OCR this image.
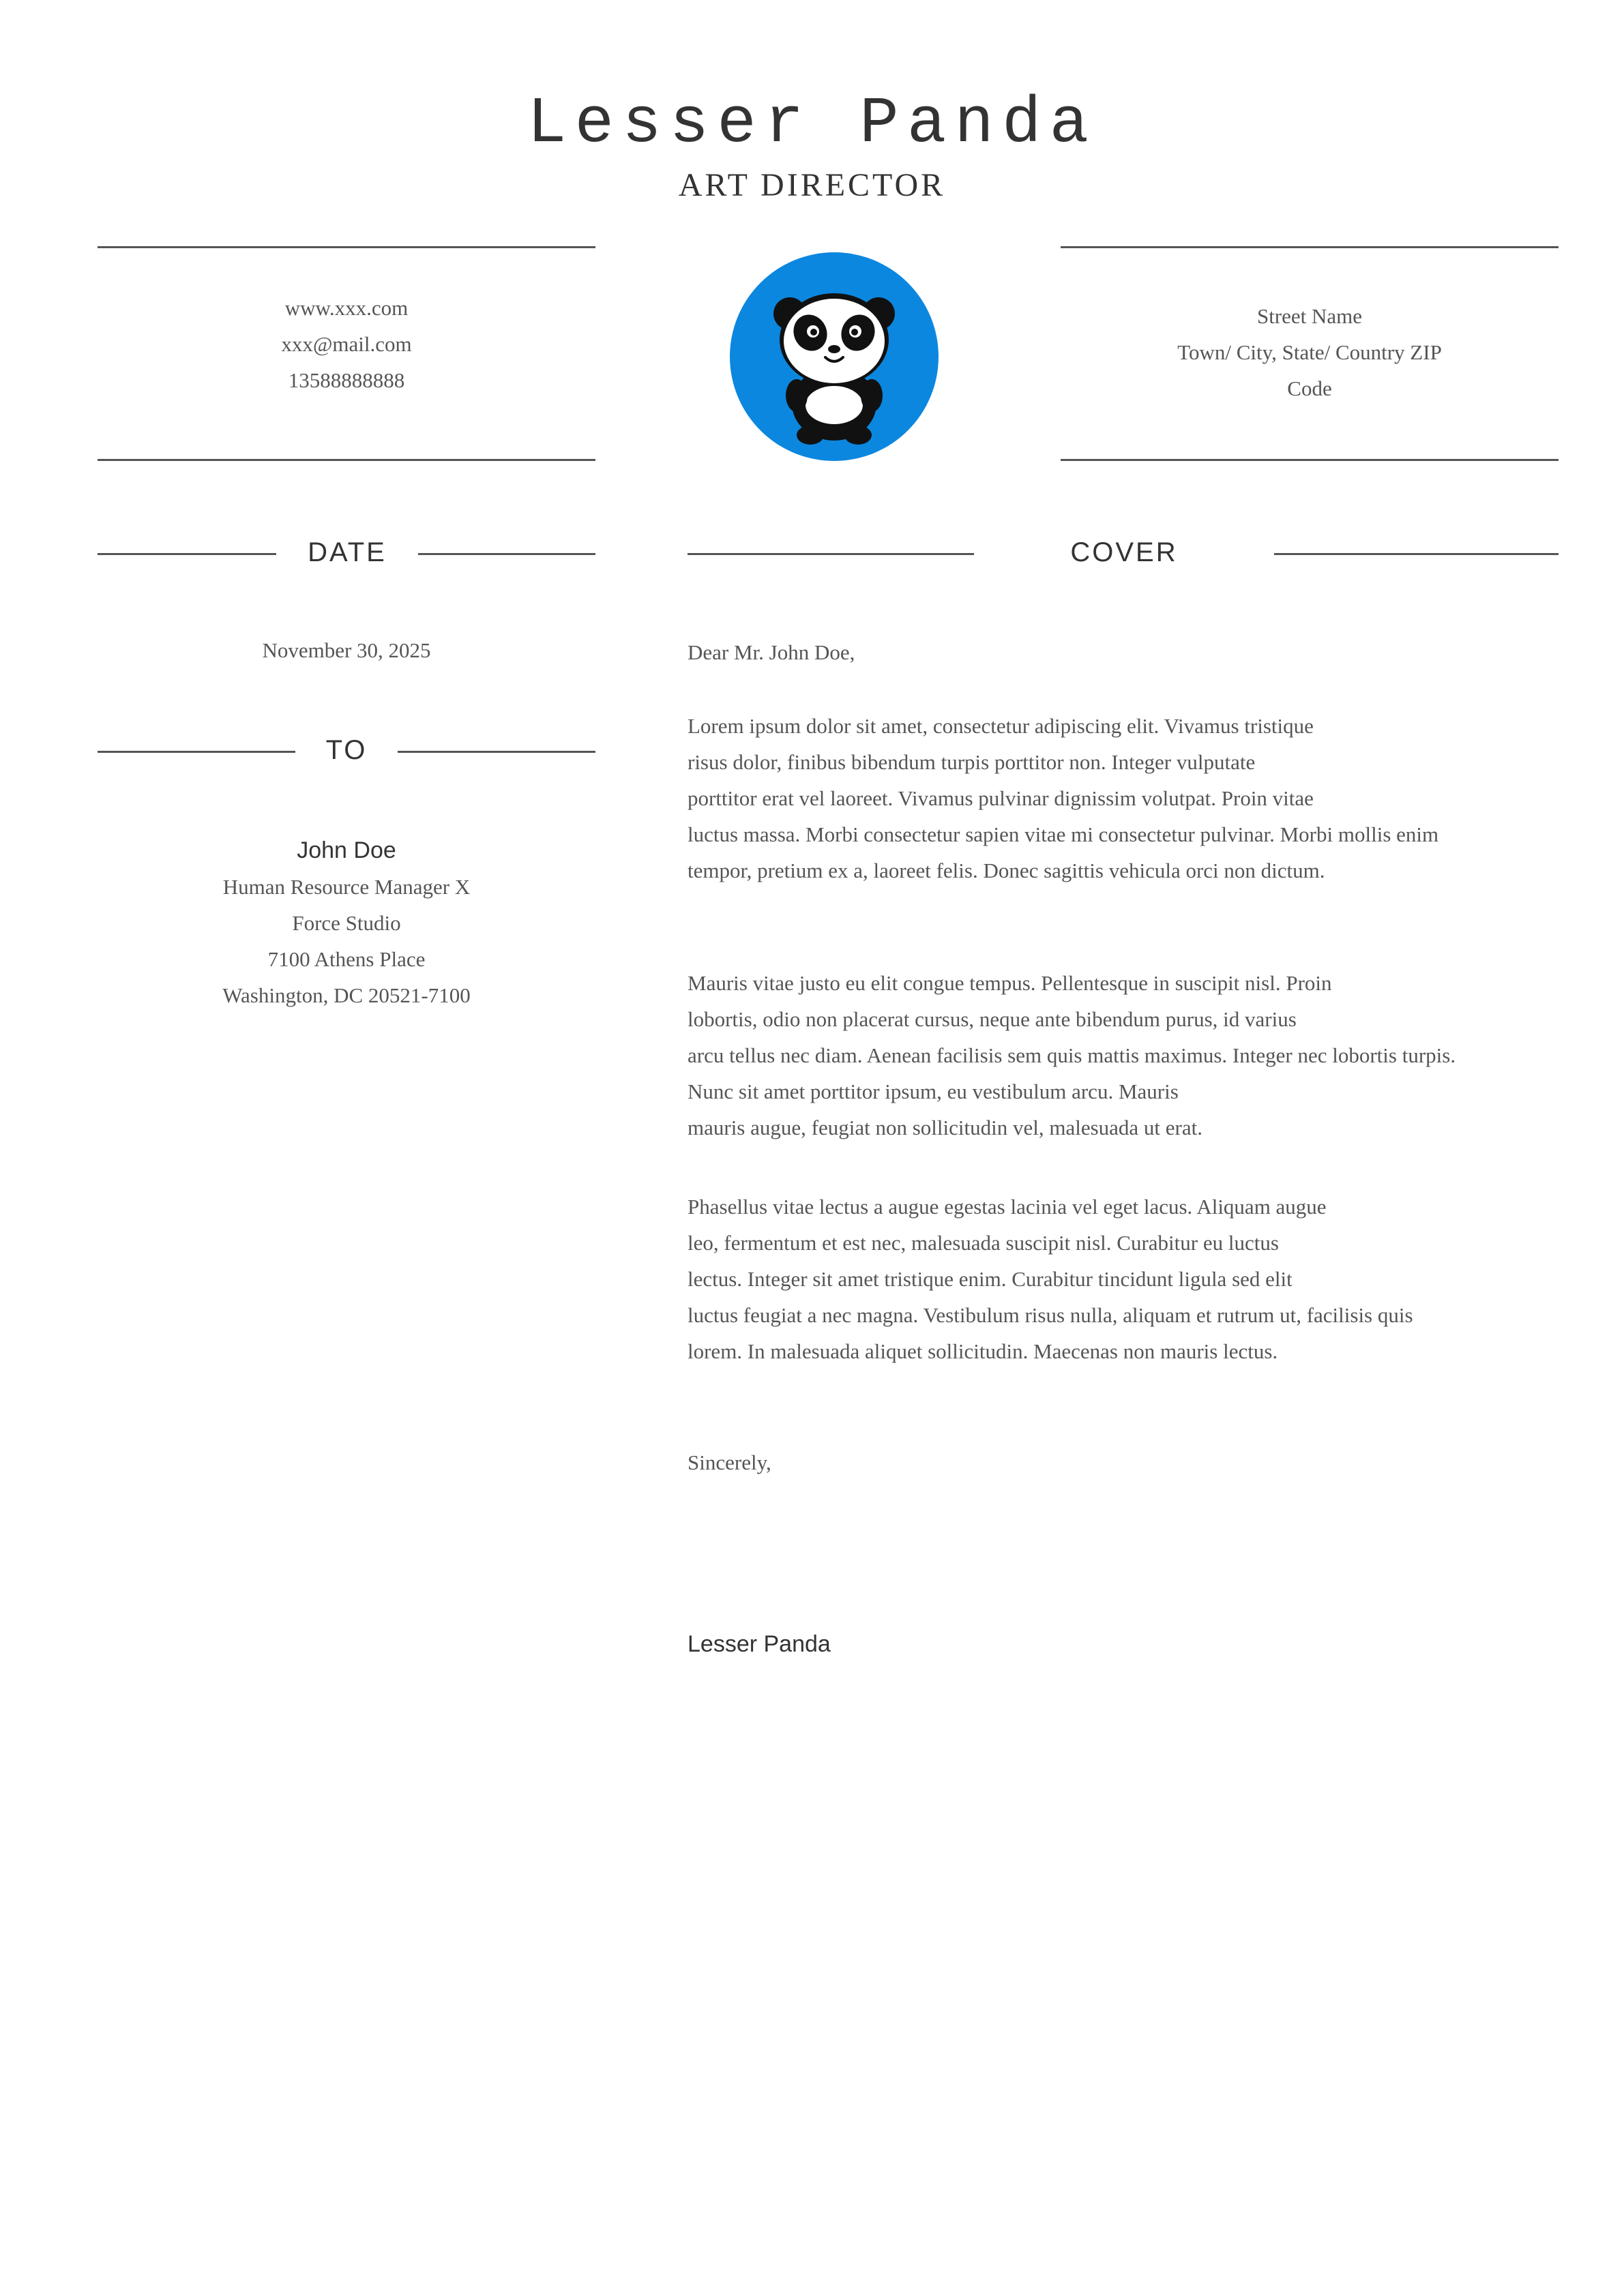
Lesser Panda
ART DIRECTOR
www.xxx.com
xxx@mail.com
13588888888
Street Name
Town/ City, State/ Country ZIP
Code
DATE
November 30, 2025
TO
John Doe
Human Resource Manager X
Force Studio
7100 Athens Place
Washington, DC 20521-7100
COVER
Dear Mr. John Doe,
Lorem ipsum dolor sit amet, consectetur adipiscing elit. Vivamus tristique
risus dolor, finibus bibendum turpis porttitor non. Integer vulputate
porttitor erat vel laoreet. Vivamus pulvinar dignissim volutpat. Proin vitae
luctus massa. Morbi consectetur sapien vitae mi consectetur pulvinar. Morbi mollis enim
tempor, pretium ex a, laoreet felis. Donec sagittis vehicula orci non dictum.
Mauris vitae justo eu elit congue tempus. Pellentesque in suscipit nisl. Proin
lobortis, odio non placerat cursus, neque ante bibendum purus, id varius
arcu tellus nec diam. Aenean facilisis sem quis mattis maximus. Integer nec lobortis turpis.
Nunc sit amet porttitor ipsum, eu vestibulum arcu. Mauris
mauris augue, feugiat non sollicitudin vel, malesuada ut erat.
Phasellus vitae lectus a augue egestas lacinia vel eget lacus. Aliquam augue
leo, fermentum et est nec, malesuada suscipit nisl. Curabitur eu luctus
lectus. Integer sit amet tristique enim. Curabitur tincidunt ligula sed elit
luctus feugiat a nec magna. Vestibulum risus nulla, aliquam et rutrum ut, facilisis quis
lorem. In malesuada aliquet sollicitudin. Maecenas non mauris lectus.
Sincerely,
Lesser Panda
